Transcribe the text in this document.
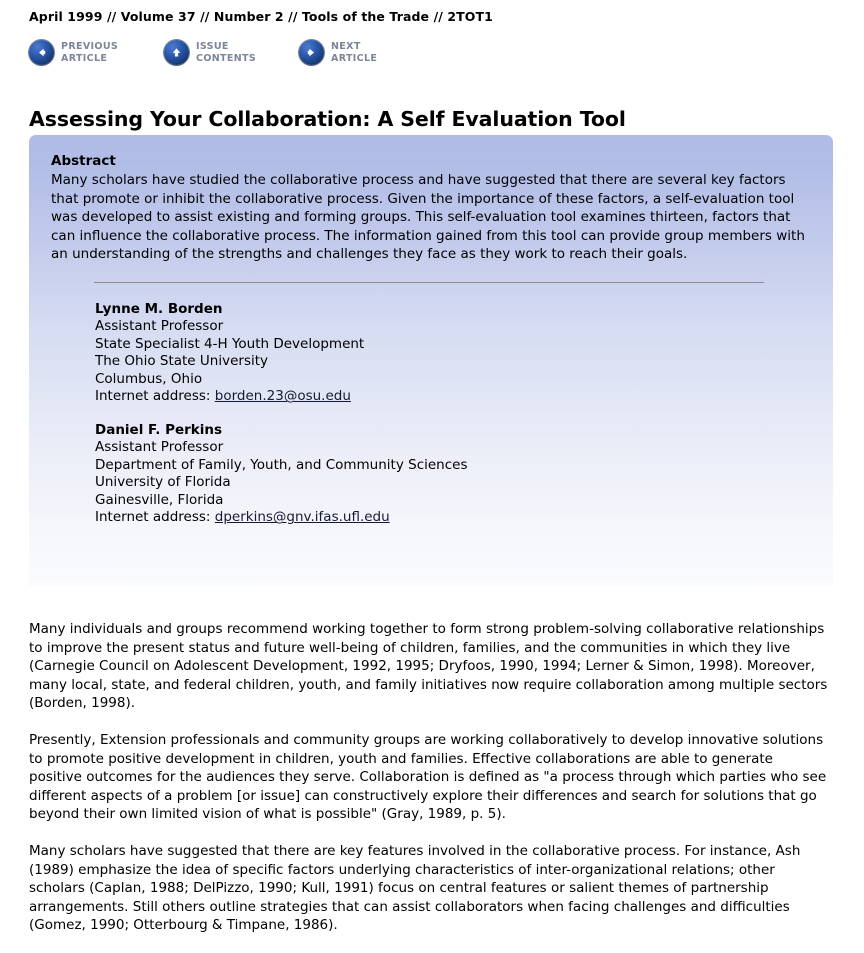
April 1999 // Volume 37 // Number 2 // Tools of the Trade // 2TOT1
PREVIOUS
ARTICLE
ISSUE
CONTENTS
NEXT
ARTICLE
Assessing Your Collaboration: A Self Evaluation Tool
Abstract

Many scholars have studied the collaborative process and have suggested that there are several key factors that promote or inhibit the collaborative process. Given the importance of these factors, a self-evaluation tool was developed to assist existing and forming groups. This self-evaluation tool examines thirteen, factors that can influence the collaborative process. The information gained from this tool can provide group members with an understanding of the strengths and challenges they face as they work to reach their goals.

Lynne M. Borden
Assistant Professor
State Specialist 4-H Youth Development
The Ohio State University
Columbus, Ohio
Internet address: borden.23@osu.edu
Daniel F. Perkins
Assistant Professor
Department of Family, Youth, and Community Sciences
University of Florida
Gainesville, Florida
Internet address: dperkins@gnv.ifas.ufl.edu

Many individuals and groups recommend working together to form strong problem-solving collaborative relationships to improve the present status and future well-being of children, families, and the communities in which they live (Carnegie Council on Adolescent Development, 1992, 1995; Dryfoos, 1990, 1994; Lerner & Simon, 1998). Moreover, many local, state, and federal children, youth, and family initiatives now require collaboration among multiple sectors (Borden, 1998).

Presently, Extension professionals and community groups are working collaboratively to develop innovative solutions to promote positive development in children, youth and families. Effective collaborations are able to generate positive outcomes for the audiences they serve. Collaboration is defined as "a process through which parties who see different aspects of a problem [or issue] can constructively explore their differences and search for solutions that go beyond their own limited vision of what is possible" (Gray, 1989, p. 5).

Many scholars have suggested that there are key features involved in the collaborative process. For instance, Ash (1989) emphasize the idea of specific factors underlying characteristics of inter-organizational relations; other scholars (Caplan, 1988; DelPizzo, 1990; Kull, 1991) focus on central features or salient themes of partnership arrangements. Still others outline strategies that can assist collaborators when facing challenges and difficulties (Gomez, 1990; Otterbourg & Timpane, 1986).
